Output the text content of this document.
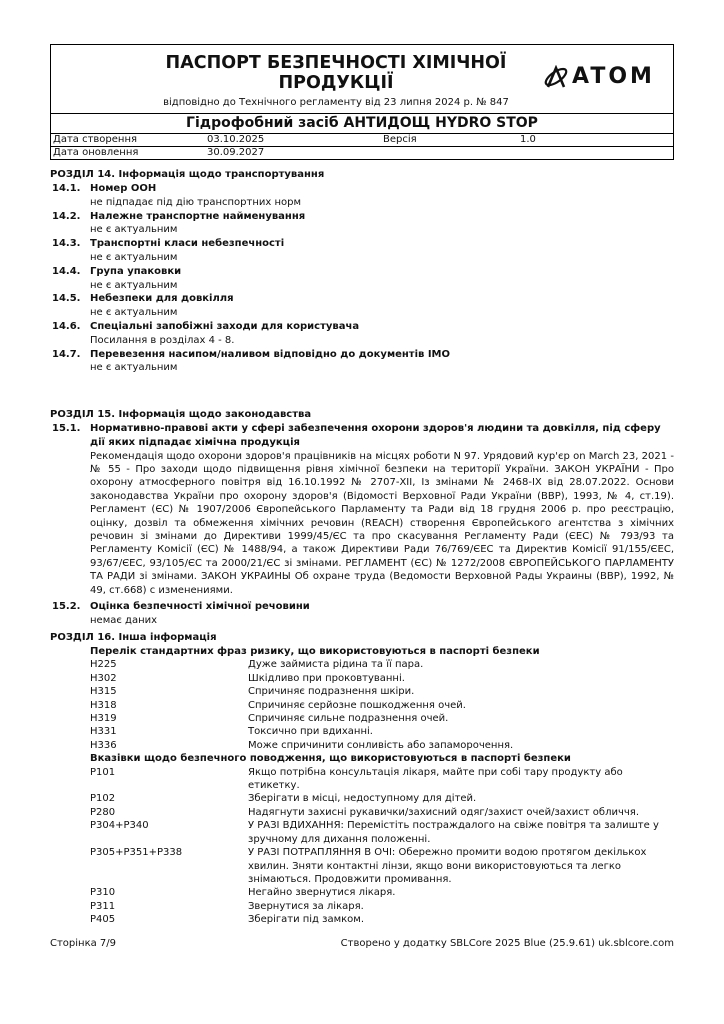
ПАСПОРТ БЕЗПЕЧНОСТІ ХІМІЧНОЇ
ПРОДУКЦІЇ
відповідно до Технічного регламенту від 23 липня 2024 р. № 847
ATOM
Гідрофобний засіб АНТИДОЩ HYDRO STOP
Дата створення	03.10.2025	Версія	1.0
Дата оновлення	30.09.2027
РОЗДІЛ 14. Інформація щодо транспортування
14.1. Номер ООН
не підпадає під дію транспортних норм
14.2. Належне транспортне найменування
не є актуальним
14.3. Транспортні класи небезпечності
не є актуальним
14.4. Група упаковки
не є актуальним
14.5. Небезпеки для довкілля
не є актуальним
14.6. Спеціальні запобіжні заходи для користувача
Посилання в розділах 4 - 8.
14.7. Перевезення насипом/наливом відповідно до документів IMO
не є актуальним
РОЗДІЛ 15. Інформація щодо законодавства
15.1. Нормативно-правові акти у сфері забезпечення охорони здоров'я людини та довкілля, під сферу дії яких підпадає хімічна продукція
Рекомендація щодо охорони здоров'я працівників на місцях роботи N 97. Урядовий кур'єр on March 23, 2021 - № 55 - Про заходи щодо підвищення рівня хімічної безпеки на території України. ЗАКОН УКРАЇНИ - Про охорону атмосферного повітря від 16.10.1992 № 2707-XII, Із змінами № 2468-IX від 28.07.2022. Основи законодавства України про охорону здоров'я (Відомості Верховної Ради України (ВВР), 1993, № 4, ст.19). Регламент (ЄС) № 1907/2006 Європейського Парламенту та Ради від 18 грудня 2006 р. про реєстрацію, оцінку, дозвіл та обмеження хімічних речовин (REACH) створення Європейського агентства з хімічних речовин зі змінами до Директиви 1999/45/ЄС та про скасування Регламенту Ради (ЄЕС) № 793/93 та Регламенту Комісії (ЄС) № 1488/94, а також Директиви Ради 76/769/ЄЕС та Директив Комісії 91/155/ЄЕС, 93/67/ЄЕС, 93/105/ЄС та 2000/21/ЄС зі змінами. РЕГЛАМЕНТ (ЄС) № 1272/2008 ЄВРОПЕЙСЬКОГО ПАРЛАМЕНТУ ТА РАДИ зі змінами. ЗАКОН УКРАИНЫ Об охране труда (Ведомости Верховной Рады Украины (ВВР), 1992, № 49, ст.668) с изменениями.
15.2. Оцінка безпечності хімічної речовини
немає даних
РОЗДІЛ 16. Інша інформація
Перелік стандартних фраз ризику, що використовуються в паспорті безпеки
H225	Дуже займиста рідина та її пара.
H302	Шкідливо при проковтуванні.
H315	Спричиняє подразнення шкіри.
H318	Спричиняє серйозне пошкодження очей.
H319	Спричиняє сильне подразнення очей.
H331	Токсично при вдиханні.
H336	Може спричинити сонливість або запаморочення.
Вказівки щодо безпечного поводження, що використовуються в паспорті безпеки
P101	Якщо потрібна консультація лікаря, майте при собі тару продукту або етикетку.
P102	Зберігати в місці, недоступному для дітей.
P280	Надягнути захисні рукавички/захисний одяг/захист очей/захист обличчя.
P304+P340	У РАЗІ ВДИХАННЯ: Перемістіть постраждалого на свіже повітря та залиште у зручному для дихання положенні.
P305+P351+P338	У РАЗІ ПОТРАПЛЯННЯ В ОЧІ: Обережно промити водою протягом декількох хвилин. Зняти контактні лінзи, якщо вони використовуються та легко знімаються. Продовжити промивання.
P310	Негайно звернутися лікаря.
P311	Звернутися за лікаря.
P405	Зберігати під замком.
Сторінка 7/9	Створено у додатку SBLCore 2025 Blue (25.9.61) uk.sblcore.com
